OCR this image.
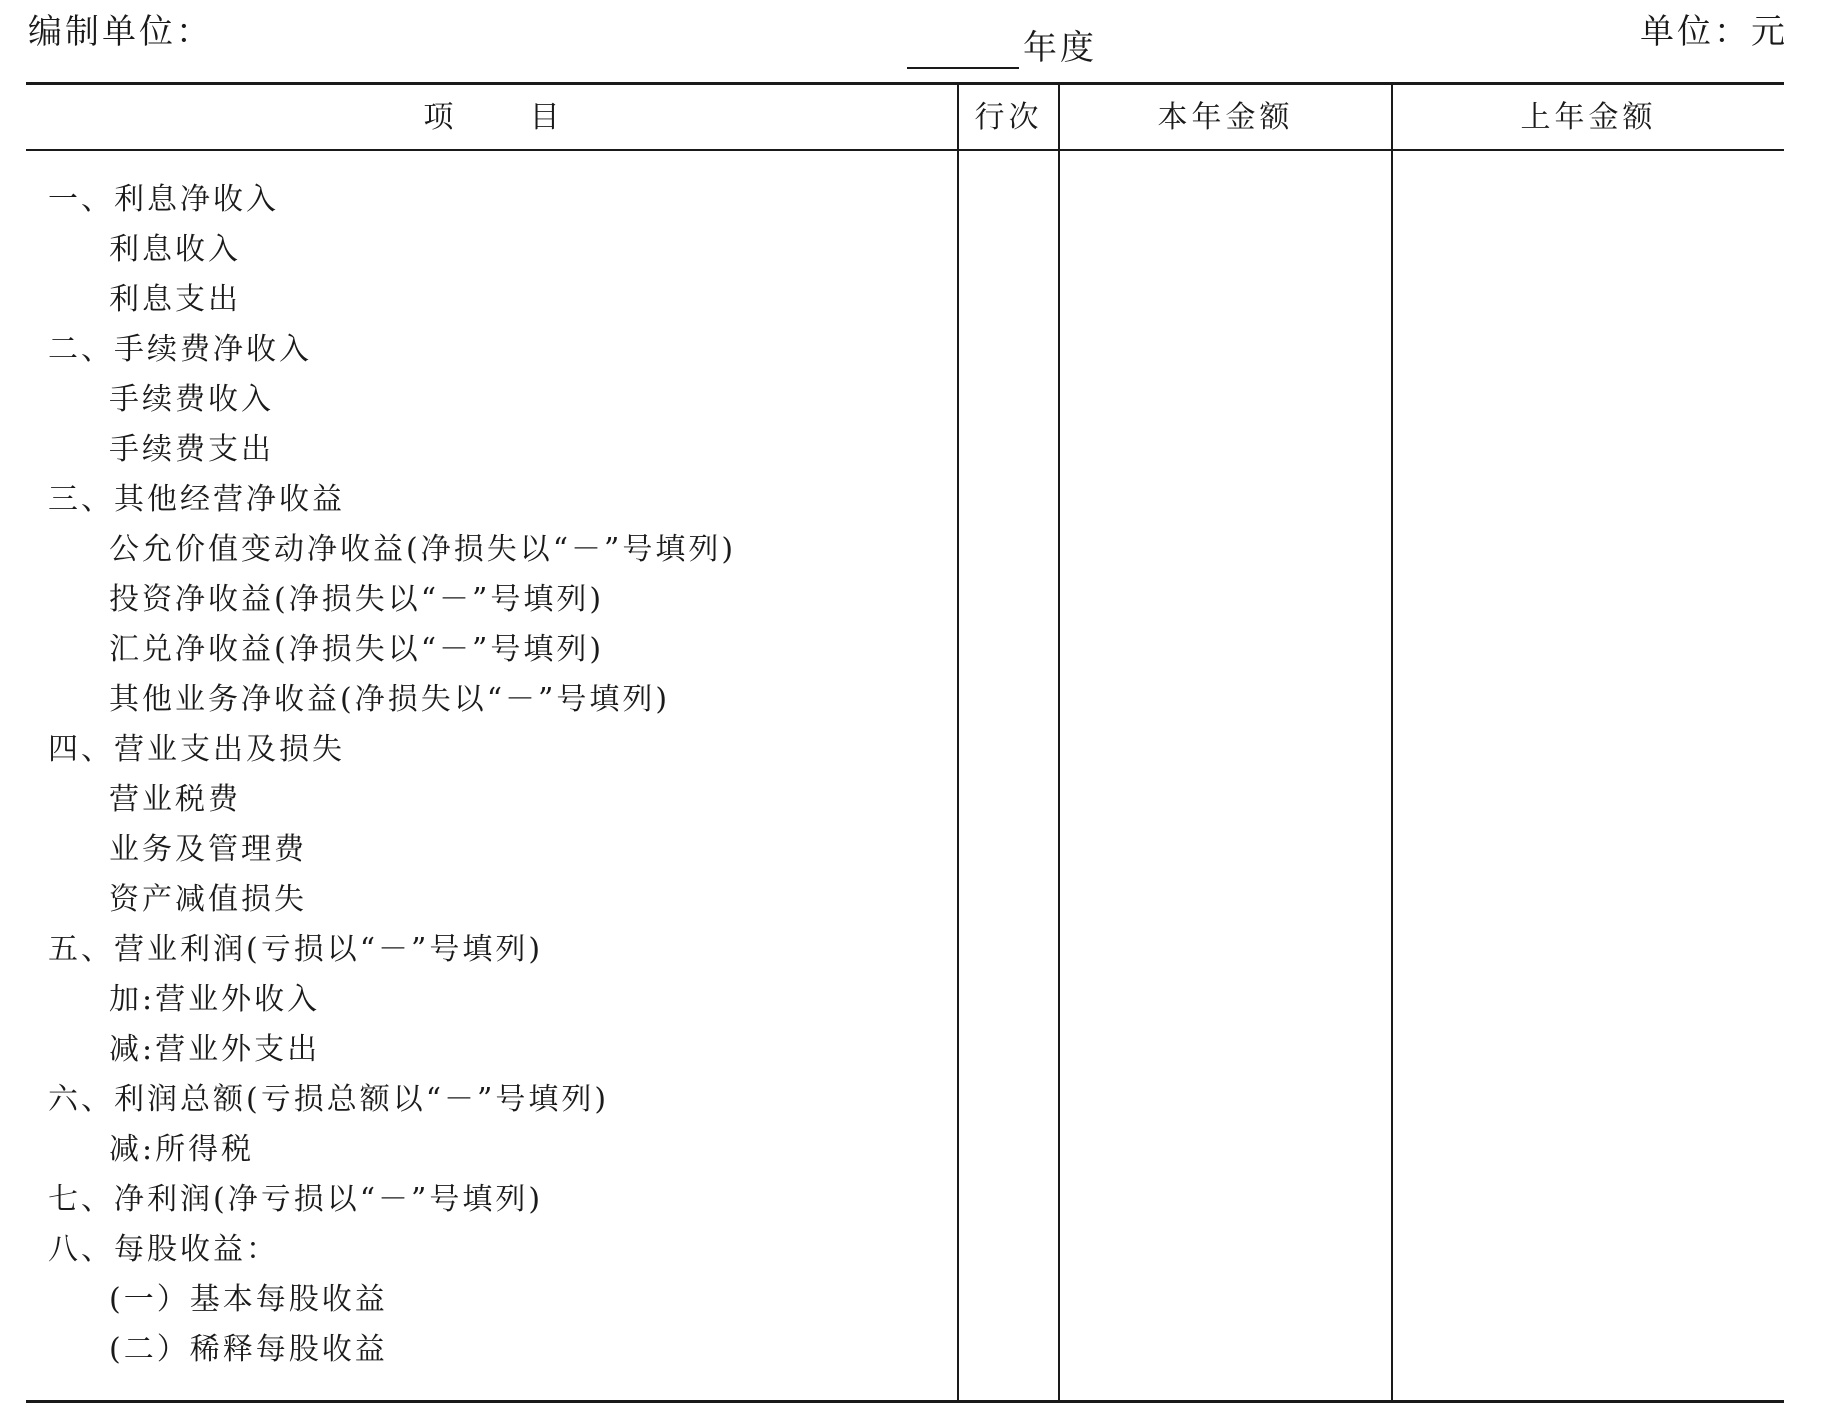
编制单位：	年度	单位：元
项        目	行次	本年金额	上年金额
一、利息净收入
利息收入
利息支出
二、手续费净收入
手续费收入
手续费支出
三、其他经营净收益
公允价值变动净收益(净损失以“－”号填列)
投资净收益(净损失以“－”号填列)
汇兑净收益(净损失以“－”号填列)
其他业务净收益(净损失以“－”号填列)
四、营业支出及损失
营业税费
业务及管理费
资产减值损失
五、营业利润(亏损以“－”号填列)
加:营业外收入
减:营业外支出
六、利润总额(亏损总额以“－”号填列)
减:所得税
七、净利润(净亏损以“－”号填列)
八、每股收益：
(一）基本每股收益
(二）稀释每股收益
